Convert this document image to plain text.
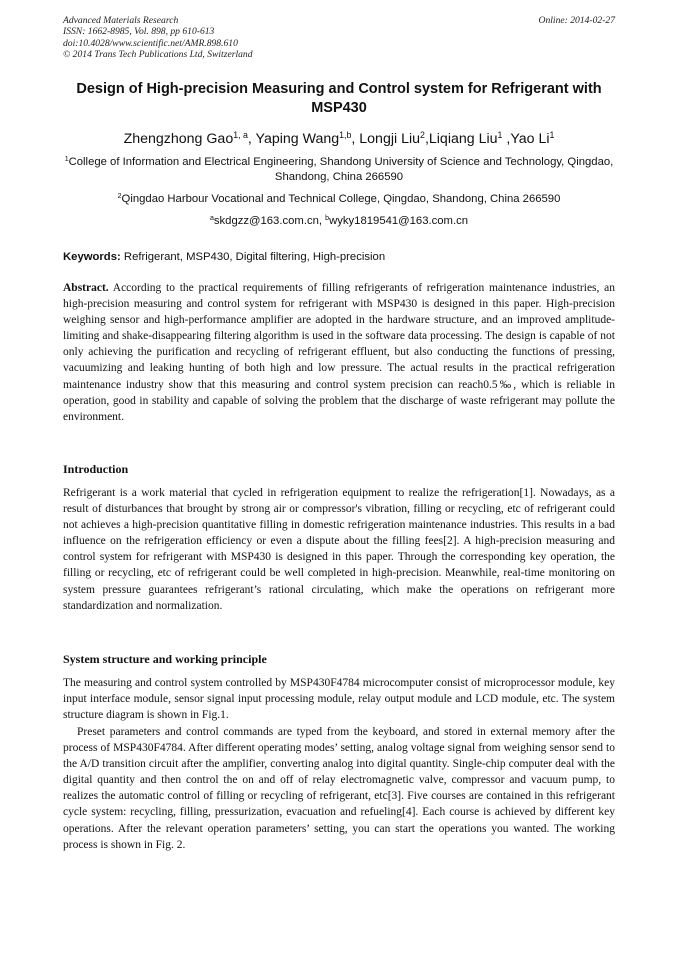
Advanced Materials Research
ISSN: 1662-8985, Vol. 898, pp 610-613
doi:10.4028/www.scientific.net/AMR.898.610
© 2014 Trans Tech Publications Ltd, Switzerland
Online: 2014-02-27
Design of High-precision Measuring and Control system for Refrigerant with MSP430
Zhengzhong Gao$^{1, a}$, Yaping Wang$^{1,b}$, Longji Liu$^2$,Liqiang Liu$^1$ ,Yao Li$^1$
$^1$College of Information and Electrical Engineering, Shandong University of Science and Technology, Qingdao, Shandong, China 266590
$^2$Qingdao Harbour Vocational and Technical College, Qingdao, Shandong, China 266590
$^a$skdgzz@163.com.cn, $^b$wyky1819541@163.com.cn
Keywords: Refrigerant, MSP430, Digital filtering, High-precision
Abstract. According to the practical requirements of filling refrigerants of refrigeration maintenance industries, an high-precision measuring and control system for refrigerant with MSP430 is designed in this paper. High-precision weighing sensor and high-performance amplifier are adopted in the hardware structure, and an improved amplitude-limiting and shake-disappearing filtering algorithm is used in the software data processing. The design is capable of not only achieving the purification and recycling of refrigerant effluent, but also conducting the functions of pressing, vacuumizing and leaking hunting of both high and low pressure. The actual results in the practical refrigeration maintenance industry show that this measuring and control system precision can reach0.5‰, which is reliable in operation, good in stability and capable of solving the problem that the discharge of waste refrigerant may pollute the environment.
Introduction
Refrigerant is a work material that cycled in refrigeration equipment to realize the refrigeration[1]. Nowadays, as a result of disturbances that brought by strong air or compressor's vibration, filling or recycling, etc of refrigerant could not achieves a high-precision quantitative filling in domestic refrigeration maintenance industries. This results in a bad influence on the refrigeration efficiency or even a dispute about the filling fees[2]. A high-precision measuring and control system for refrigerant with MSP430 is designed in this paper. Through the corresponding key operation, the filling or recycling, etc of refrigerant could be well completed in high-precision. Meanwhile, real-time monitoring on system pressure guarantees refrigerant’s rational circulating, which make the operations on refrigerant more standardization and normalization.
System structure and working principle
The measuring and control system controlled by MSP430F4784 microcomputer consist of microprocessor module, key input interface module, sensor signal input processing module, relay output module and LCD module, etc. The system structure diagram is shown in Fig.1.
Preset parameters and control commands are typed from the keyboard, and stored in external memory after the process of MSP430F4784. After different operating modes’ setting, analog voltage signal from weighing sensor send to the A/D transition circuit after the amplifier, converting analog into digital quantity. Single-chip computer deal with the digital quantity and then control the on and off of relay electromagnetic valve, compressor and vacuum pump, to realizes the automatic control of filling or recycling of refrigerant, etc[3]. Five courses are contained in this refrigerant cycle system: recycling, filling, pressurization, evacuation and refueling[4]. Each course is achieved by different key operations. After the relevant operation parameters’ setting, you can start the operations you wanted. The working process is shown in Fig. 2.
